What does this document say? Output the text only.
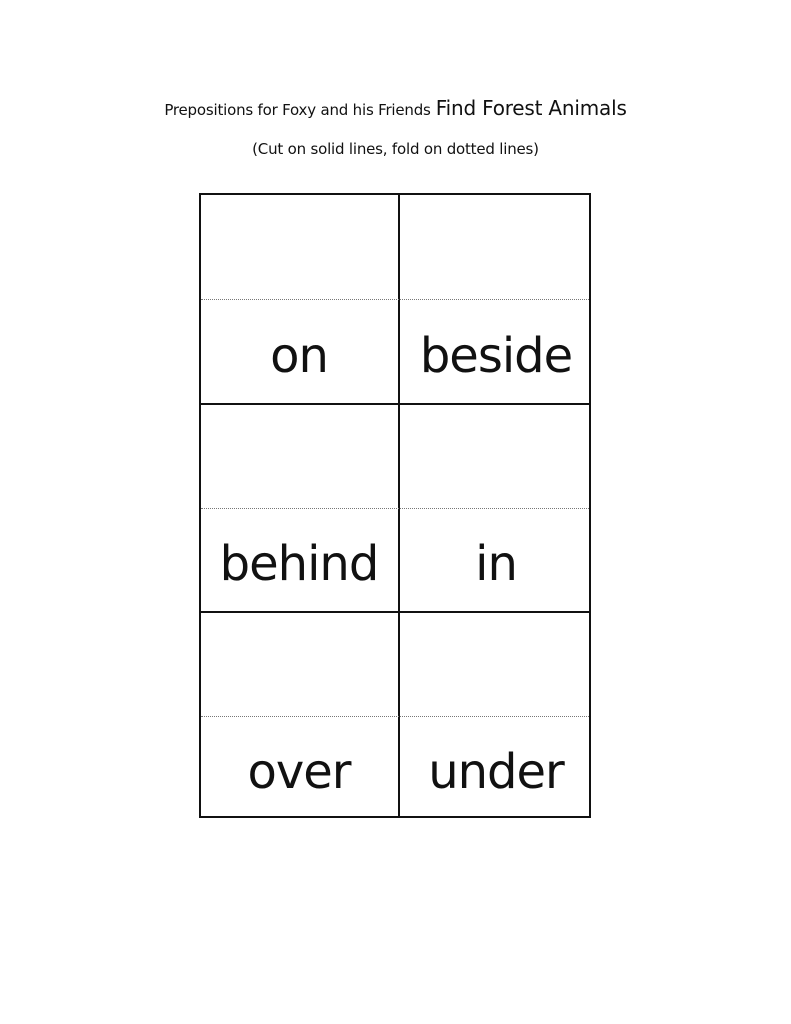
Prepositions for Foxy and his Friends Find Forest Animals
(Cut on solid lines, fold on dotted lines)
on	beside
behind	in
over	under
